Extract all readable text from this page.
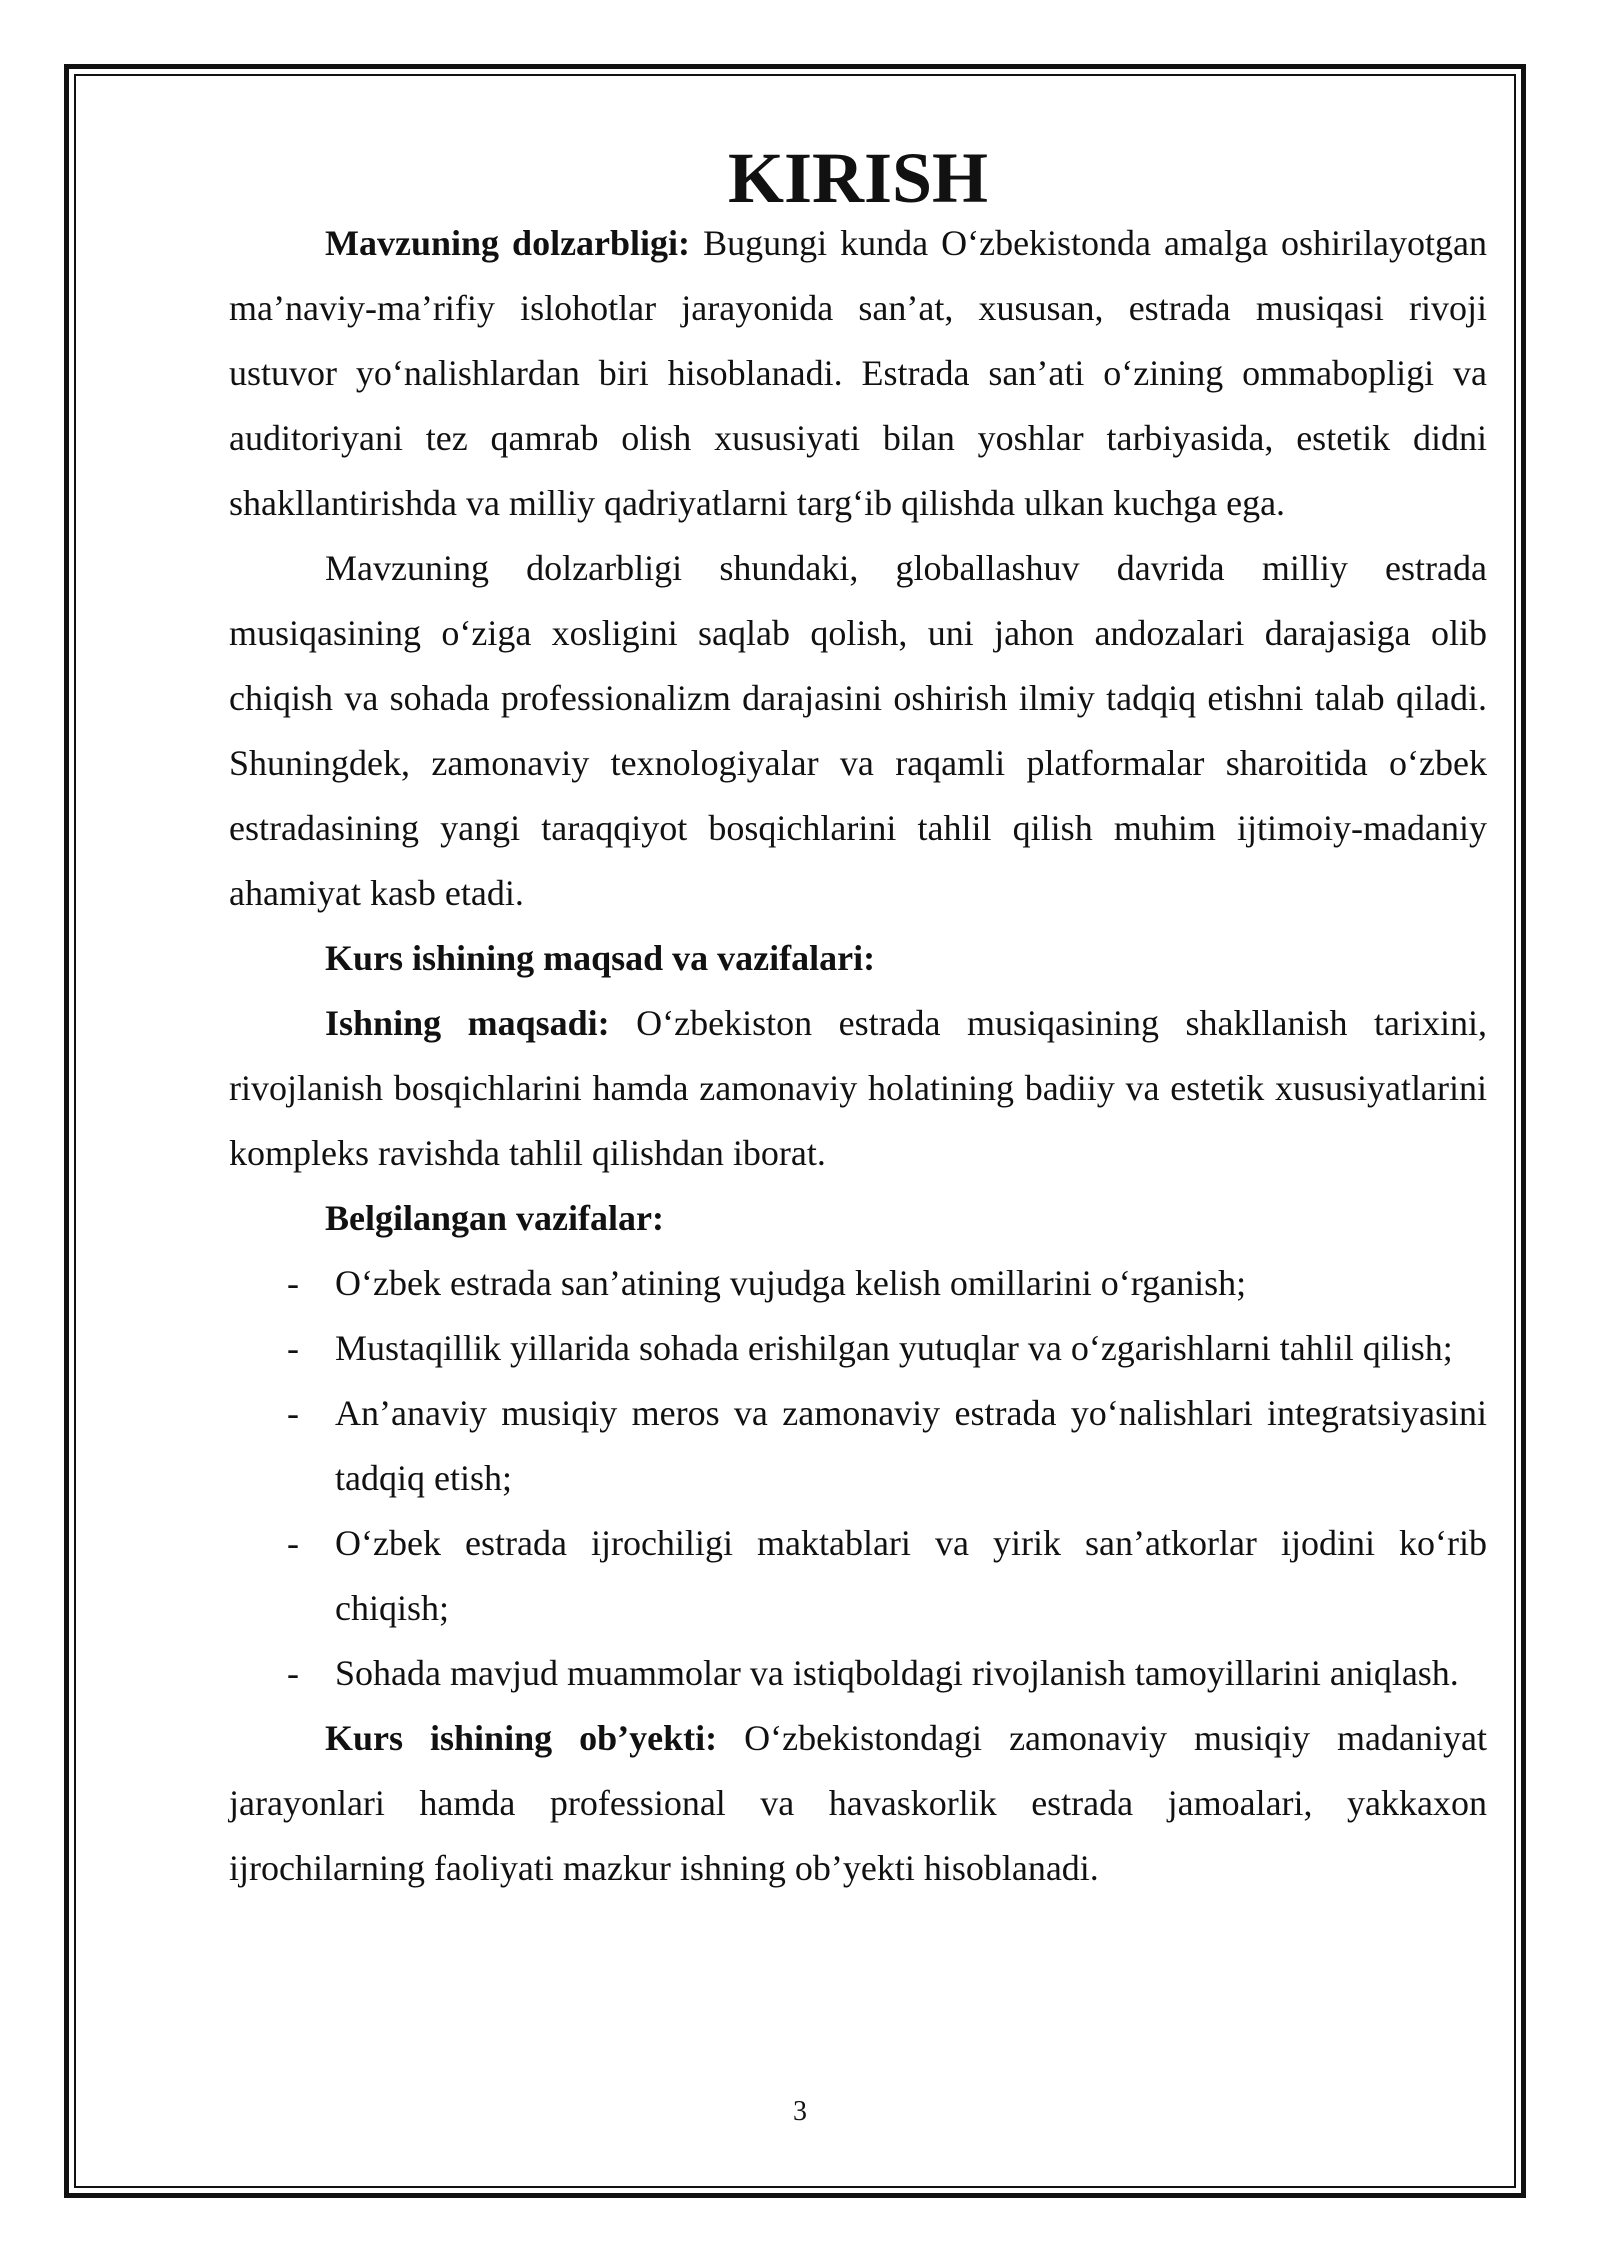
KIRISH

Mavzuning dolzarbligi: Bugungi kunda O‘zbekistonda amalga oshirilayotgan ma’naviy-ma’rifiy islohotlar jarayonida san’at, xususan, estrada musiqasi rivoji ustuvor yo‘nalishlardan biri hisoblanadi. Estrada san’ati o‘zining ommabopligi va auditoriyani tez qamrab olish xususiyati bilan yoshlar tarbiyasida, estetik didni shakllantirishda va milliy qadriyatlarni targ‘ib qilishda ulkan kuchga ega.

Mavzuning dolzarbligi shundaki, globallashuv davrida milliy estrada musiqasining o‘ziga xosligini saqlab qolish, uni jahon andozalari darajasiga olib chiqish va sohada professionalizm darajasini oshirish ilmiy tadqiq etishni talab qiladi. Shuningdek, zamonaviy texnologiyalar va raqamli platformalar sharoitida o‘zbek estradasining yangi taraqqiyot bosqichlarini tahlil qilish muhim ijtimoiy-madaniy ahamiyat kasb etadi.

Kurs ishining maqsad va vazifalari:

Ishning maqsadi: O‘zbekiston estrada musiqasining shakllanish tarixini, rivojlanish bosqichlarini hamda zamonaviy holatining badiiy va estetik xususiyatlarini kompleks ravishda tahlil qilishdan iborat.

Belgilangan vazifalar:

- O‘zbek estrada san’atining vujudga kelish omillarini o‘rganish;
- Mustaqillik yillarida sohada erishilgan yutuqlar va o‘zgarishlarni tahlil qilish;
- An’anaviy musiqiy meros va zamonaviy estrada yo‘nalishlari integratsiyasini tadqiq etish;
- O‘zbek estrada ijrochiligi maktablari va yirik san’atkorlar ijodini ko‘rib chiqish;
- Sohada mavjud muammolar va istiqboldagi rivojlanish tamoyillarini aniqlash.

Kurs ishining ob’yekti: O‘zbekistondagi zamonaviy musiqiy madaniyat jarayonlari hamda professional va havaskorlik estrada jamoalari, yakkaxon ijrochilarning faoliyati mazkur ishning ob’yekti hisoblanadi.

3
